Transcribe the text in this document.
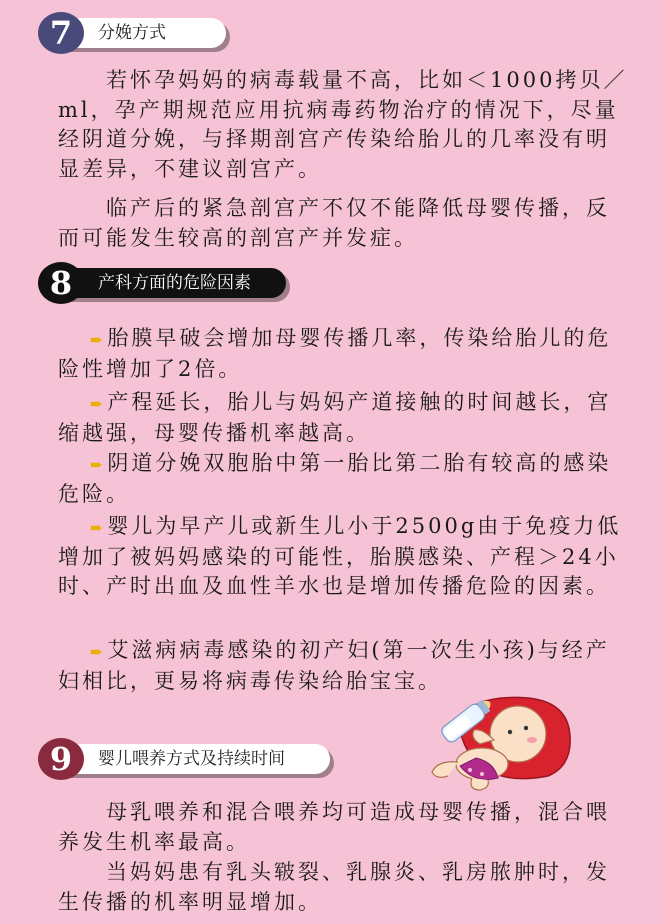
7	分娩方式

若怀孕妈妈的病毒载量不高，比如＜1000拷贝／ml，孕产期规范应用抗病毒药物治疗的情况下，尽量经阴道分娩，与择期剖宫产传染给胎儿的几率没有明显差异，不建议剖宫产。

临产后的紧急剖宫产不仅不能降低母婴传播，反而可能发生较高的剖宫产并发症。

8	产科方面的危险因素

➨ 胎膜早破会增加母婴传播几率，传染给胎儿的危险性增加了2倍。

➨ 产程延长，胎儿与妈妈产道接触的时间越长，宫缩越强，母婴传播机率越高。

➨ 阴道分娩双胞胎中第一胎比第二胎有较高的感染危险。

➨ 婴儿为早产儿或新生儿小于2500g由于免疫力低增加了被妈妈感染的可能性，胎膜感染、产程＞24小时、产时出血及血性羊水也是增加传播危险的因素。

➨ 艾滋病病毒感染的初产妇(第一次生小孩)与经产妇相比，更易将病毒传染给胎宝宝。

9	婴儿喂养方式及持续时间

母乳喂养和混合喂养均可造成母婴传播，混合喂养发生机率最高。

当妈妈患有乳头皲裂、乳腺炎、乳房脓肿时，发生传播的机率明显增加。
